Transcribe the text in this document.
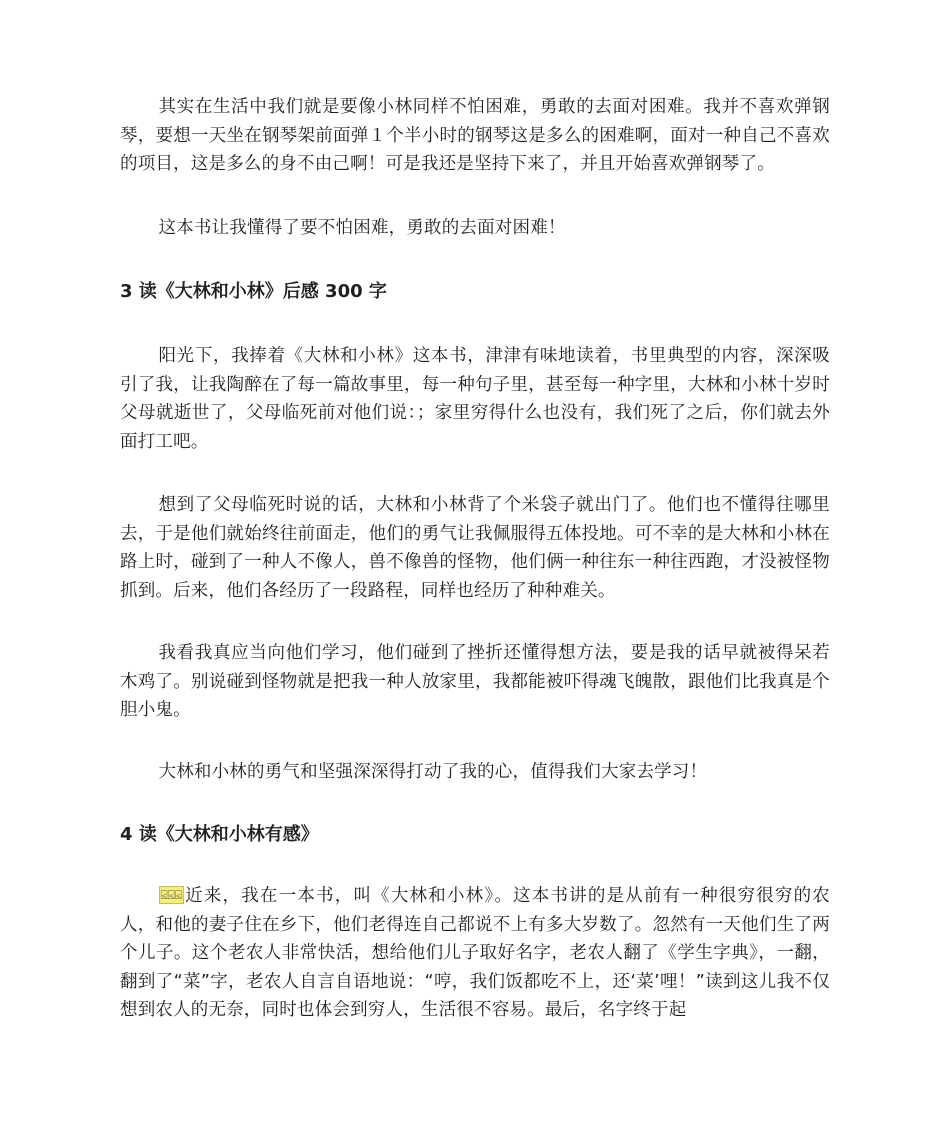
其实在生活中我们就是要像小林同样不怕困难，勇敢的去面对困难。我并不喜欢弹钢琴，要想一天坐在钢琴架前面弹１个半小时的钢琴这是多么的困难啊，面对一种自己不喜欢的项目，这是多么的身不由己啊！可是我还是坚持下来了，并且开始喜欢弹钢琴了。

这本书让我懂得了要不怕困难，勇敢的去面对困难！

3 读《大林和小林》后感 300 字

阳光下，我捧着《大林和小林》这本书，津津有味地读着，书里典型的内容，深深吸引了我，让我陶醉在了每一篇故事里，每一种句子里，甚至每一种字里，大林和小林十岁时父母就逝世了，父母临死前对他们说：；家里穷得什么也没有，我们死了之后，你们就去外面打工吧。

想到了父母临死时说的话，大林和小林背了个米袋子就出门了。他们也不懂得往哪里去，于是他们就始终往前面走，他们的勇气让我佩服得五体投地。可不幸的是大林和小林在路上时，碰到了一种人不像人，兽不像兽的怪物，他们俩一种往东一种往西跑，才没被怪物抓到。后来，他们各经历了一段路程，同样也经历了种种难关。

我看我真应当向他们学习，他们碰到了挫折还懂得想方法，要是我的话早就被得呆若木鸡了。别说碰到怪物就是把我一种人放家里，我都能被吓得魂飞魄散，跟他们比我真是个胆小鬼。

大林和小林的勇气和坚强深深得打动了我的心，值得我们大家去学习！

4 读《大林和小林有感》

⍃⍃⍃ 近来，我在一本书，叫《大林和小林》。这本书讲的是从前有一种很穷很穷的农人，和他的妻子住在乡下，他们老得连自己都说不上有多大岁数了。忽然有一天他们生了两个儿子。这个老农人非常快活，想给他们儿子取好名字，老农人翻了《学生字典》，一翻，翻到了“菜”字，老农人自言自语地说：“哼，我们饭都吃不上，还‘菜’哩！”读到这儿我不仅想到农人的无奈，同时也体会到穷人，生活很不容易。最后，名字终于起
